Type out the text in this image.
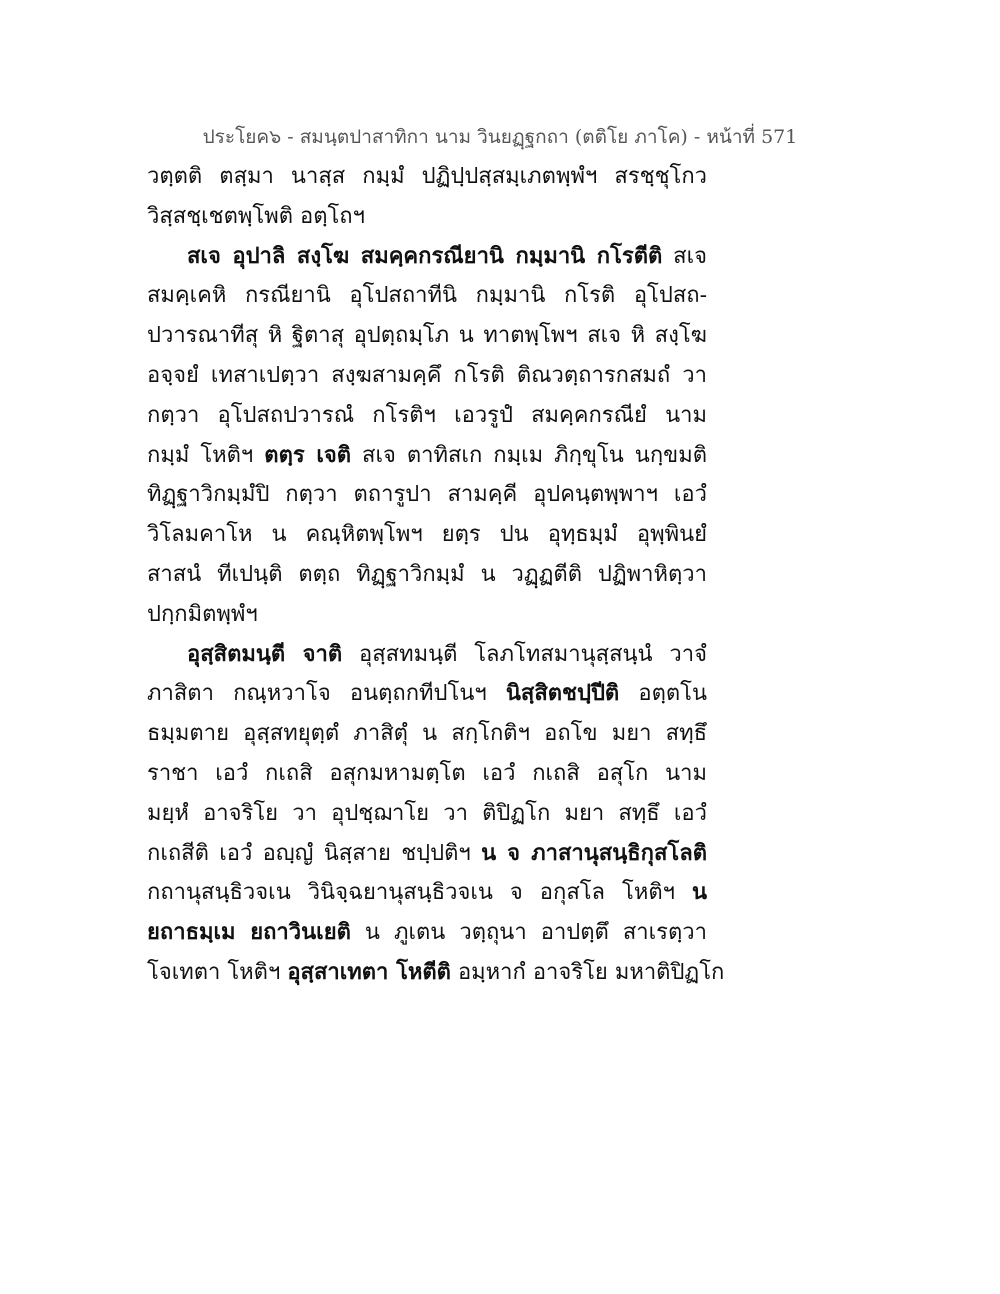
ประโยค๖ - สมนฺตปาสาทิกา นาม วินยฏฺฐกถา (ตติโย ภาโค) - หน้าที่ 571
วตฺตติ ตสฺมา นาสฺส กมฺมํ ปฏิปฺปสฺสมฺเภตพฺพํฯ สรชฺชุโกว
วิสฺสชฺเชตพฺโพติ อตฺโถฯ
สเจ อุปาลิ สงฺโฆ สมคฺคกรณียานิ กมฺมานิ กโรตีติ สเจ
สมคฺเคหิ กรณียานิ อุโปสถาทีนิ กมฺมานิ กโรติ อุโปสถ-
ปวารณาทีสุ หิ ฐิตาสุ อุปตฺถมฺโภ น ทาตพฺโพฯ สเจ หิ สงฺโฆ
อจฺจยํ เทสาเปตฺวา สงฺฆสามคฺคึ กโรติ ติณวตฺถารกสมถํ วา
กตฺวา อุโปสถปวารณํ กโรติฯ เอวรูปํ สมคฺคกรณียํ นาม
กมฺมํ โหติฯ ตตฺร เจติ สเจ ตาทิสเก กมฺเม ภิกฺขุโน นกฺขมติ
ทิฏฺฐาวิกมฺมํปิ กตฺวา ตถารูปา สามคฺคี อุปคนฺตพฺพาฯ เอวํ
วิโลมคาโห น คณฺหิตพฺโพฯ ยตฺร ปน อุทฺธมฺมํ อุพฺพินยํ
สาสนํ ทีเปนฺติ ตตฺถ ทิฏฺฐาวิกมฺมํ น วฏฺฏตีติ ปฏิพาหิตฺวา
ปกฺกมิตพฺพํฯ
อุสฺสิตมนฺตี จาติ อุสฺสทมนฺตี โลภโทสมานุสฺสนฺนํ วาจํ
ภาสิตา กณฺหวาโจ อนตฺถกทีปโนฯ นิสฺสิตชปฺปีติ อตฺตโน
ธมฺมตาย อุสฺสทยุตฺตํ ภาสิตุํ น สกฺโกติฯ อถโข มยา สทฺธึ
ราชา เอวํ กเถสิ อสุกมหามตฺโต เอวํ กเถสิ อสุโก นาม
มยฺหํ อาจริโย วา อุปชฺฌาโย วา ติปิฏโก มยา สทฺธึ เอวํ
กเถสีติ เอวํ อญฺญํ นิสฺสาย ชปฺปติฯ น จ ภาสานุสนฺธิกุสโลติ
กถานุสนฺธิวจเน วินิจฺฉยานุสนฺธิวจเน จ อกุสโล โหติฯ น
ยถาธมฺเม ยถาวินเยติ น ภูเตน วตฺถุนา อาปตฺตึ สาเรตฺวา
โจเทตา โหติฯ อุสฺสาเทตา โหตีติ อมฺหากํ อาจริโย มหาติปิฏโก
